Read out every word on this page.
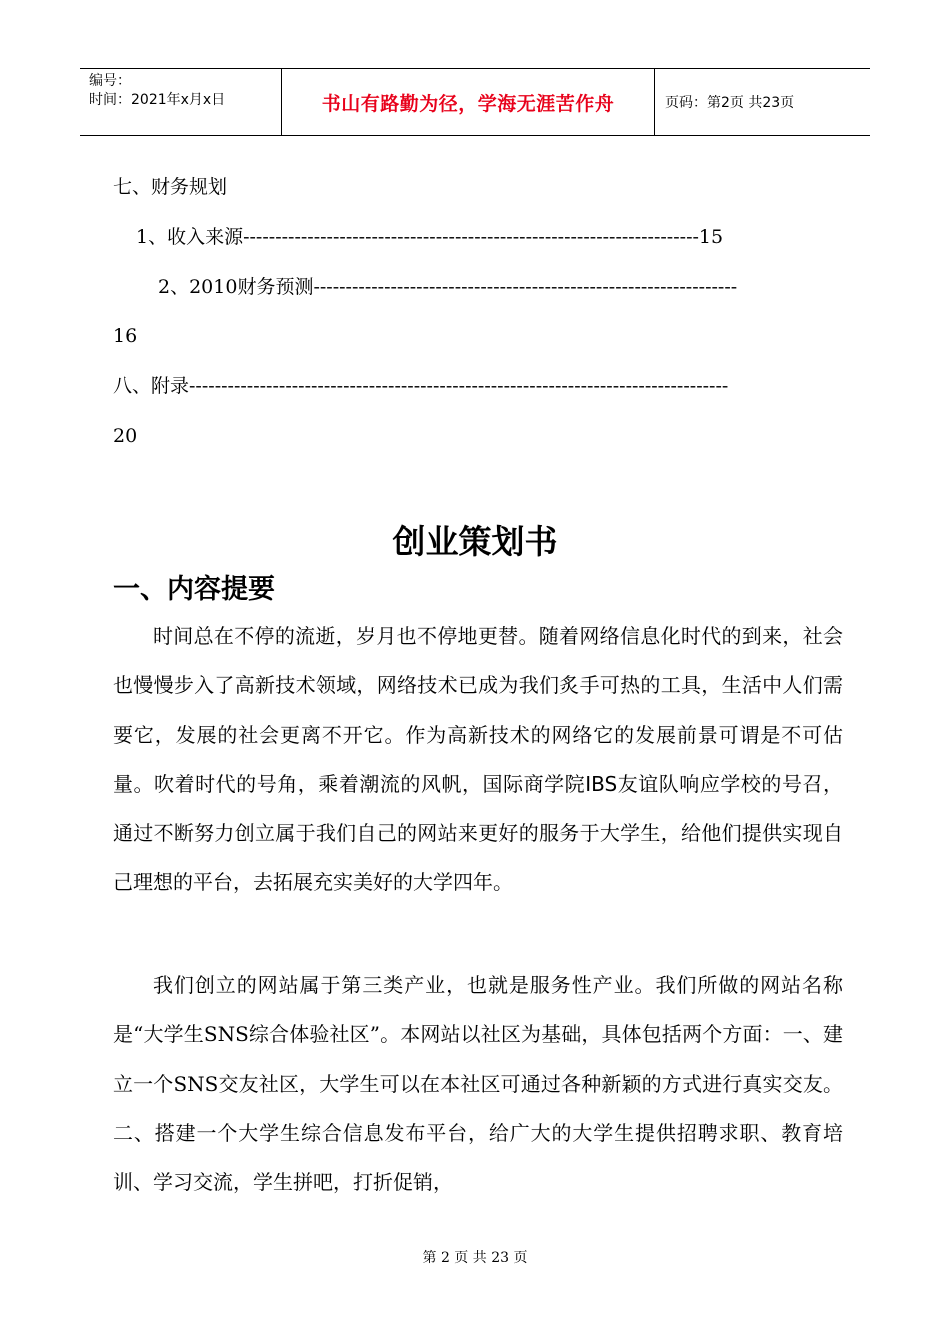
编号：
时间：2021年x月x日	书山有路勤为径，学海无涯苦作舟	页码：第2页 共23页
七、财务规划
1、收入来源-----------------------------------------------------------------------15
2、2010财务预测------------------------------------------------------------------
16
八、附录------------------------------------------------------------------------------------
20
创业策划书
一、内容提要

时间总在不停的流逝，岁月也不停地更替。随着网络信息化时代的到来，社会也慢慢步入了高新技术领域，网络技术已成为我们炙手可热的工具，生活中人们需要它，发展的社会更离不开它。作为高新技术的网络它的发展前景可谓是不可估量。吹着时代的号角，乘着潮流的风帆，国际商学院IBS友谊队响应学校的号召，通过不断努力创立属于我们自己的网站来更好的服务于大学生，给他们提供实现自己理想的平台，去拓展充实美好的大学四年。

我们创立的网站属于第三类产业，也就是服务性产业。我们所做的网站名称是“大学生SNS综合体验社区”。本网站以社区为基础，具体包括两个方面：一、建立一个SNS交友社区，大学生可以在本社区可通过各种新颖的方式进行真实交友。二、搭建一个大学生综合信息发布平台，给广大的大学生提供招聘求职、教育培训、学习交流，学生拼吧，打折促销，

第 2 页 共 23 页
